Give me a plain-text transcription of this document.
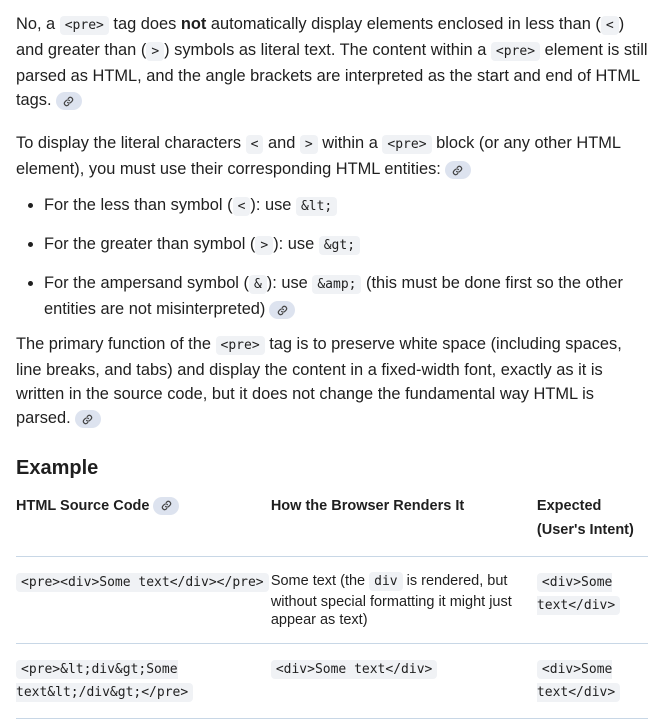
No, a <pre> tag does not automatically display elements enclosed in less than ( < ) and greater than ( > ) symbols as literal text. The content within a <pre> element is still parsed as HTML, and the angle brackets are interpreted as the start and end of HTML tags.

To display the literal characters < and > within a <pre> block (or any other HTML element), you must use their corresponding HTML entities:

• For the less than symbol ( < ): use &lt;
• For the greater than symbol ( > ): use &gt;
• For the ampersand symbol ( & ): use &amp; (this must be done first so the other entities are not misinterpreted)

The primary function of the <pre> tag is to preserve white space (including spaces, line breaks, and tabs) and display the content in a fixed-width font, exactly as it is written in the source code, but it does not change the fundamental way HTML is parsed.

Example
HTML Source Code	How the Browser Renders It	Expected (User's Intent)
<pre><div>Some text</div></pre>	Some text (the div is rendered, but without special formatting it might just appear as text)	<div>Some text</div>
<pre>&lt;div&gt;Some text&lt;/div&gt;</pre>	<div>Some text</div>	<div>Some text</div>
